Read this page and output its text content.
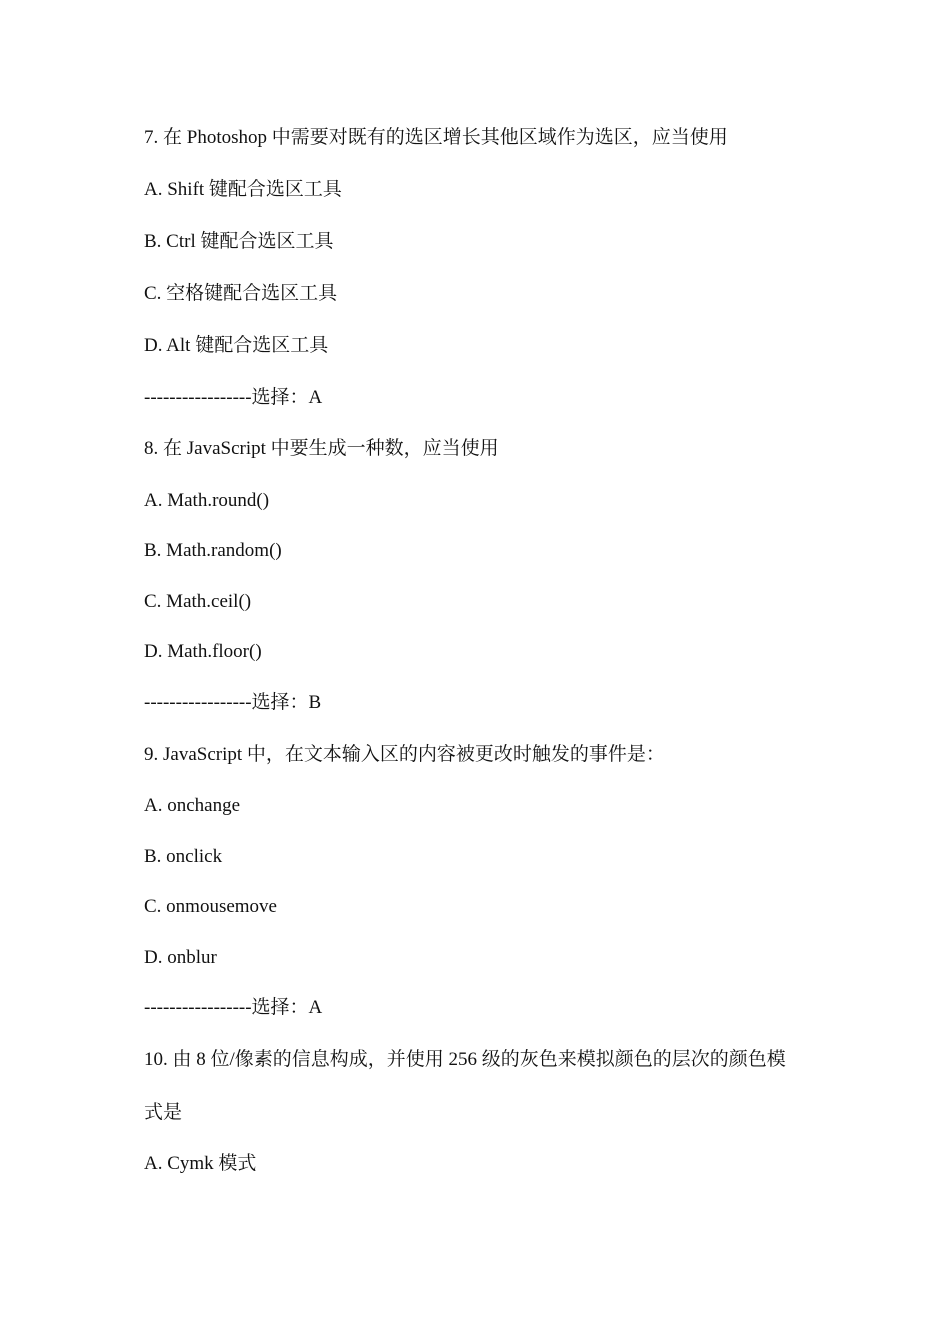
7. 在 Photoshop 中需要对既有的选区增长其他区域作为选区，应当使用
A. Shift 键配合选区工具
B. Ctrl 键配合选区工具
C. 空格键配合选区工具
D. Alt 键配合选区工具
-----------------选择：A
8. 在 JavaScript 中要生成一种数，应当使用
A. Math.round()
B. Math.random()
C. Math.ceil()
D. Math.floor()
-----------------选择：B
9. JavaScript 中，在文本输入区的内容被更改时触发的事件是：
A. onchange
B. onclick
C. onmousemove
D. onblur
-----------------选择：A
10. 由 8 位/像素的信息构成，并使用 256 级的灰色来模拟颜色的层次的颜色模
式是
A. Cymk 模式
